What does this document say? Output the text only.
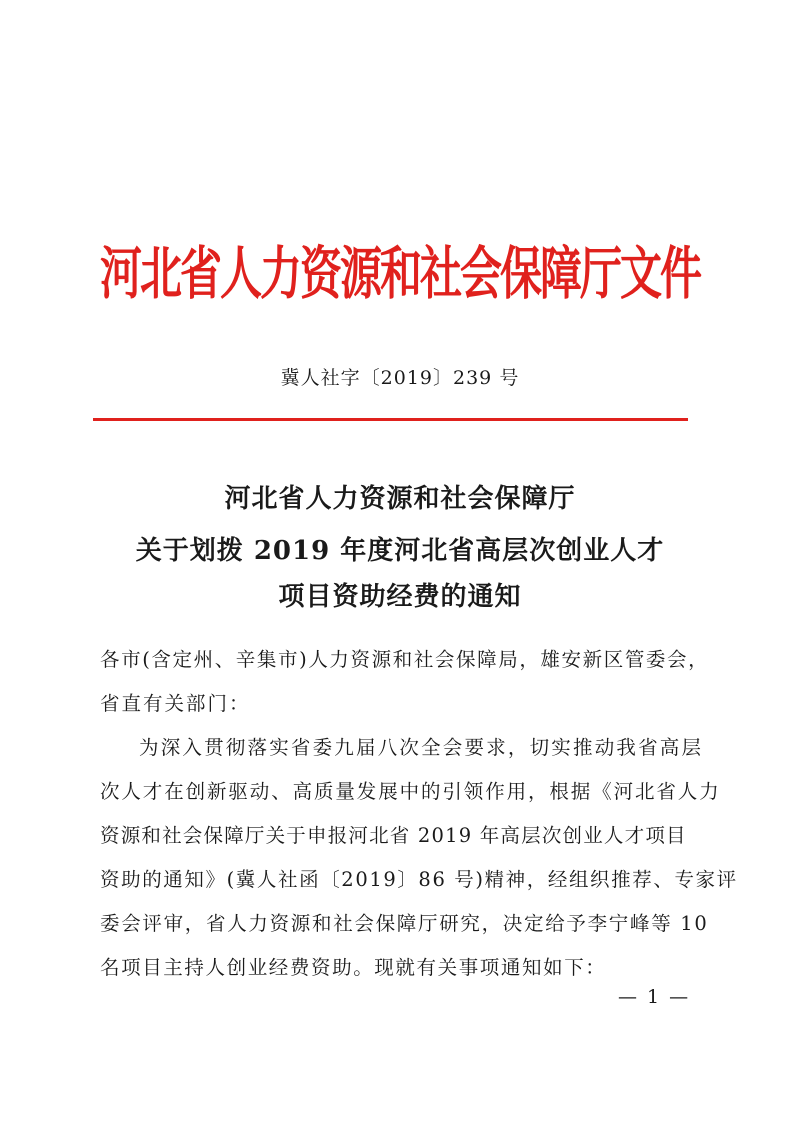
河北省人力资源和社会保障厅文件
冀人社字〔2019〕239 号
河北省人力资源和社会保障厅
关于划拨 2019 年度河北省高层次创业人才
项目资助经费的通知
各市(含定州、辛集市)人力资源和社会保障局，雄安新区管委会，
省直有关部门：
为深入贯彻落实省委九届八次全会要求，切实推动我省高层
次人才在创新驱动、高质量发展中的引领作用，根据《河北省人力
资源和社会保障厅关于申报河北省 2019 年高层次创业人才项目
资助的通知》(冀人社函〔2019〕86 号)精神，经组织推荐、专家评
委会评审，省人力资源和社会保障厅研究，决定给予李宁峰等 10
名项目主持人创业经费资助。现就有关事项通知如下：
— 1 —
